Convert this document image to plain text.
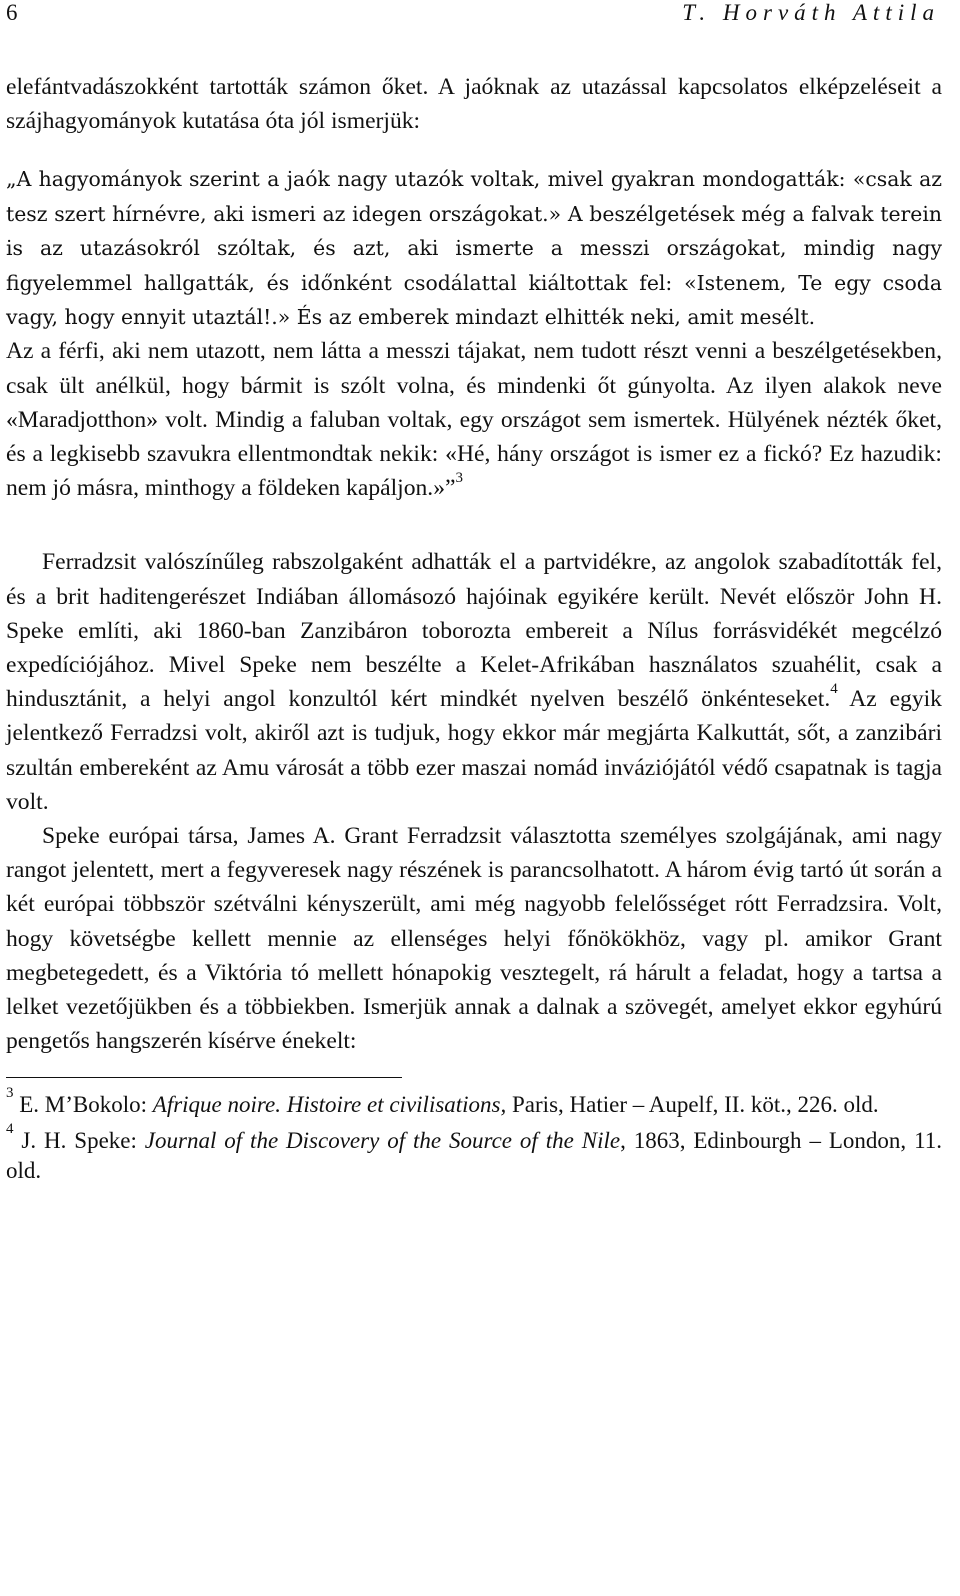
6	T. Horváth Attila

elefántvadászokként tartották számon őket. A jaóknak az utazással kapcsolatos elképzeléseit a szájhagyományok kutatása óta jól ismerjük:

„A hagyományok szerint a jaók nagy utazók voltak, mivel gyakran mondogatták: «csak az tesz szert hírnévre, aki ismeri az idegen országokat.» A beszélgetések még a falvak terein is az utazásokról szóltak, és azt, aki ismerte a messzi országokat, mindig nagy figyelemmel hallgatták, és időnként csodálattal kiáltottak fel: «Istenem, Te egy csoda vagy, hogy ennyit utaztál!.» És az emberek mindazt elhitték neki, amit mesélt.

Az a férfi, aki nem utazott, nem látta a messzi tájakat, nem tudott részt venni a beszélgetésekben, csak ült anélkül, hogy bármit is szólt volna, és mindenki őt gúnyolta. Az ilyen alakok neve «Maradjotthon» volt. Mindig a faluban voltak, egy országot sem ismertek. Hülyének nézték őket, és a legkisebb szavukra ellentmondtak nekik: «Hé, hány országot is ismer ez a fickó? Ez hazudik: nem jó másra, minthogy a földeken kapáljon.»”$^3$

Ferradzsit valószínűleg rabszolgaként adhatták el a partvidékre, az angolok szabadították fel, és a brit haditengerészet Indiában állomásozó hajóinak egyikére került. Nevét először John H. Speke említi, aki 1860-ban Zanzibáron toborozta embereit a Nílus forrásvidékét megcélzó expedíciójához. Mivel Speke nem beszélte a Kelet-Afrikában használatos szuahélit, csak a hindusztánit, a helyi angol konzultól kért mindkét nyelven beszélő önkénteseket.$^4$ Az egyik jelentkező Ferradzsi volt, akiről azt is tudjuk, hogy ekkor már megjárta Kalkuttát, sőt, a zanzibári szultán embereként az Amu városát a több ezer maszai nomád inváziójától védő csapatnak is tagja volt.

Speke európai társa, James A. Grant Ferradzsit választotta személyes szolgájának, ami nagy rangot jelentett, mert a fegyveresek nagy részének is parancsolhatott. A három évig tartó út során a két európai többször szétválni kényszerült, ami még nagyobb felelősséget rótt Ferradzsira. Volt, hogy követségbe kellett mennie az ellenséges helyi főnökökhöz, vagy pl. amikor Grant megbetegedett, és a Viktória tó mellett hónapokig vesztegelt, rá hárult a feladat, hogy a tartsa a lelket vezetőjükben és a többiekben. Ismerjük annak a dalnak a szövegét, amelyet ekkor egyhúrú pengetős hangszerén kísérve énekelt:

$^3$ E. M’Bokolo: Afrique noire. Histoire et civilisations, Paris, Hatier – Aupelf, II. köt., 226. old.

$^4$ J. H. Speke: Journal of the Discovery of the Source of the Nile, 1863, Edinbourgh – London, 11. old.
